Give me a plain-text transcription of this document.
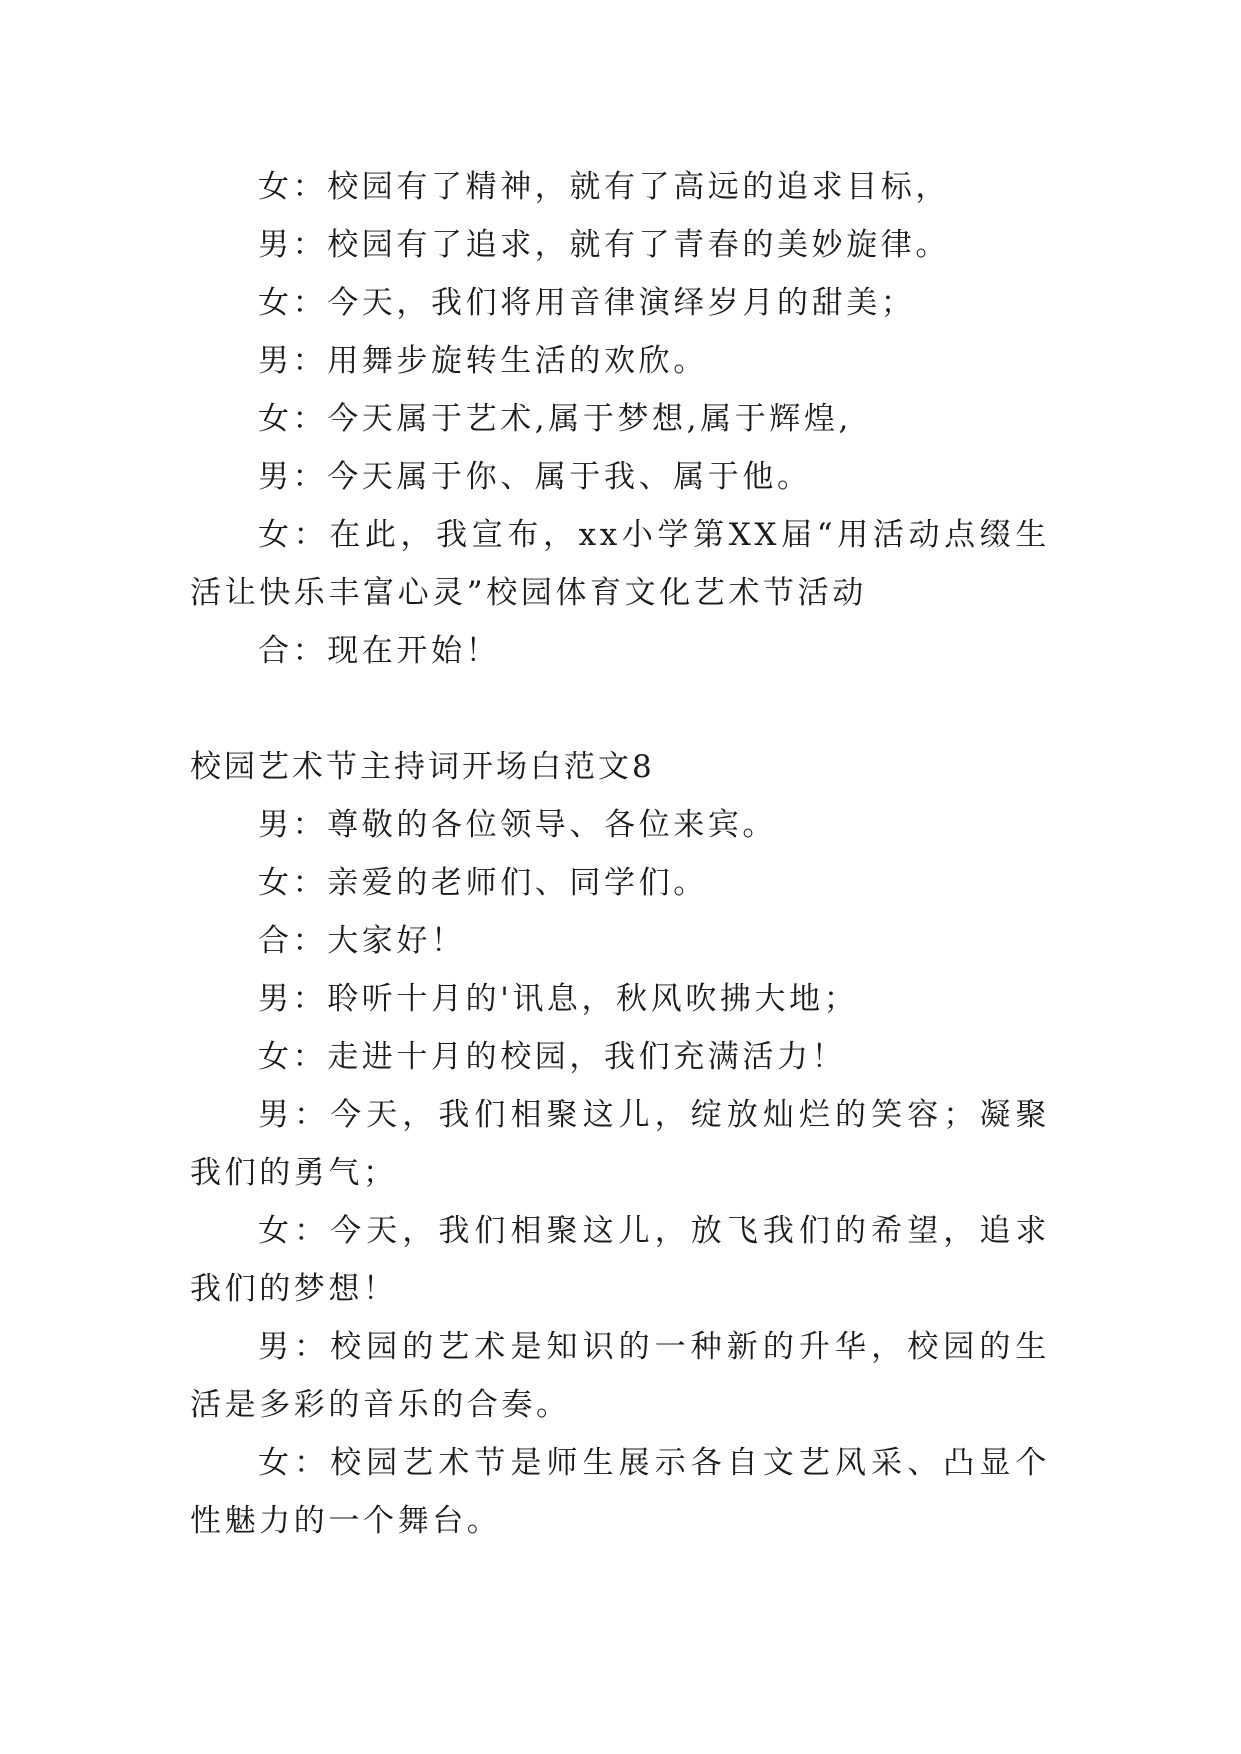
女：校园有了精神，就有了高远的追求目标，

男：校园有了追求，就有了青春的美妙旋律。

女：今天，我们将用音律演绎岁月的甜美；

男：用舞步旋转生活的欢欣。

女：今天属于艺术,属于梦想,属于辉煌,

男：今天属于你、属于我、属于他。

女：在此，我宣布，xx小学第XX届“用活动点缀生活让快乐丰富心灵”校园体育文化艺术节活动

合：现在开始！

校园艺术节主持词开场白范文8

男：尊敬的各位领导、各位来宾。

女：亲爱的老师们、同学们。

合：大家好！

男：聆听十月的'讯息，秋风吹拂大地；

女：走进十月的校园，我们充满活力！

男：今天，我们相聚这儿，绽放灿烂的笑容；凝聚我们的勇气；

女：今天，我们相聚这儿，放飞我们的希望，追求我们的梦想！

男：校园的艺术是知识的一种新的升华，校园的生活是多彩的音乐的合奏。

女：校园艺术节是师生展示各自文艺风采、凸显个性魅力的一个舞台。
